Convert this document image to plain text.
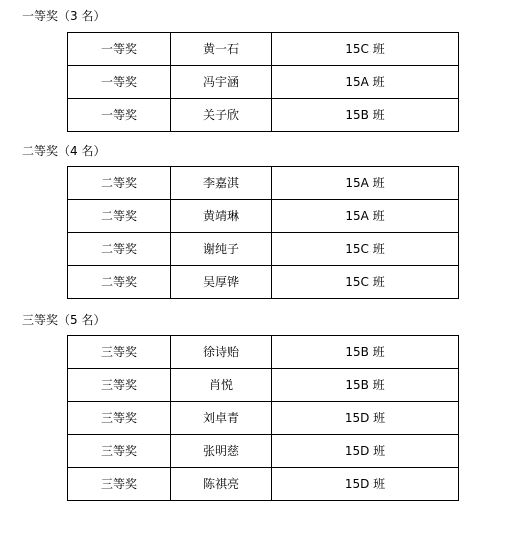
一等奖（3 名）
一等奖	黄一石	15C 班
一等奖	冯宇涵	15A 班
一等奖	关子欣	15B 班
二等奖（4 名）
二等奖	李嘉淇	15A 班
二等奖	黄靖琳	15A 班
二等奖	谢纯子	15C 班
二等奖	吴厚铧	15C 班
三等奖（5 名）
三等奖	徐诗贻	15B 班
三等奖	肖悦	15B 班
三等奖	刘卓青	15D 班
三等奖	张明慈	15D 班
三等奖	陈祺亮	15D 班
